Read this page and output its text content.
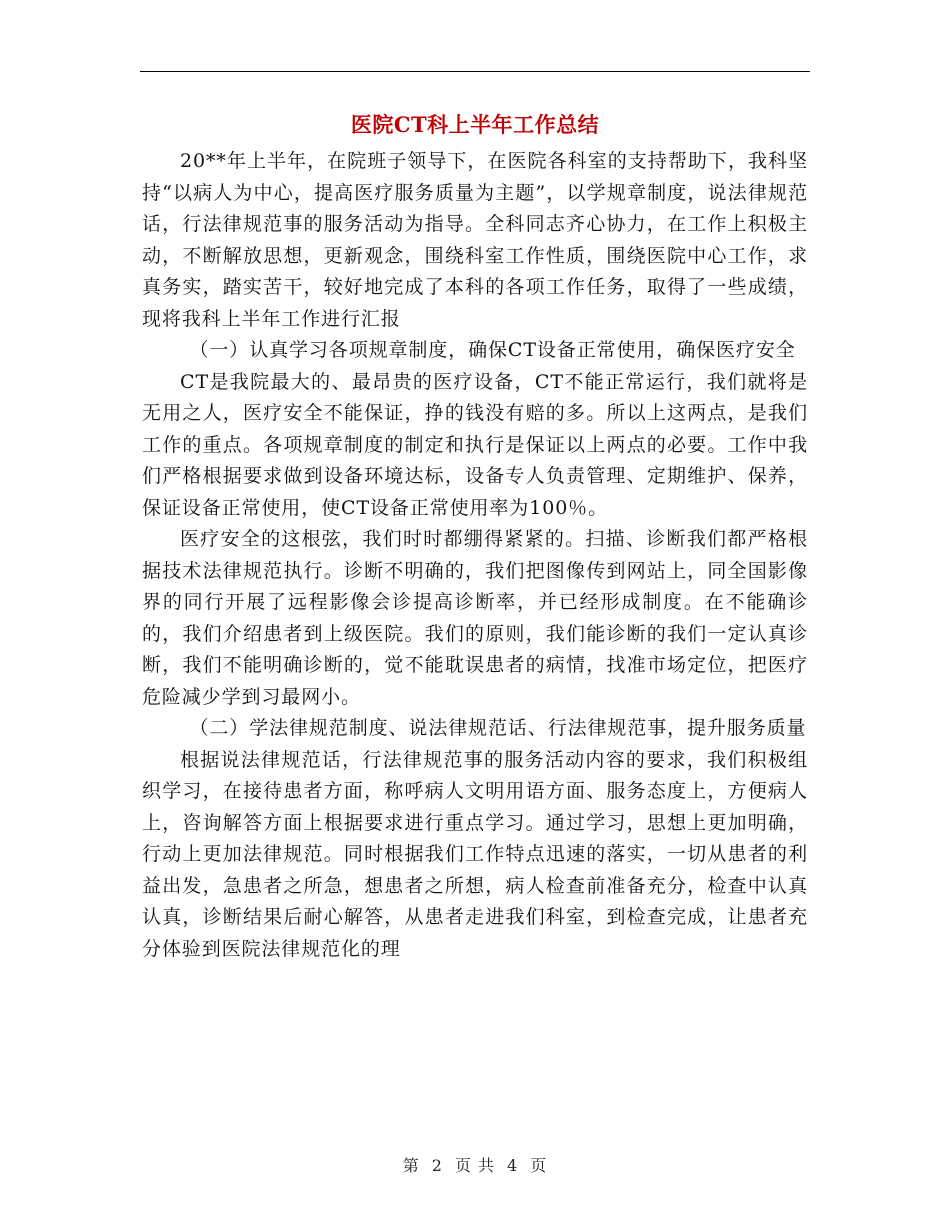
医院CT科上半年工作总结

20**年上半年，在院班子领导下，在医院各科室的支持帮助下，我科坚持“以病人为中心，提高医疗服务质量为主题”，以学规章制度，说法律规范话，行法律规范事的服务活动为指导。全科同志齐心协力，在工作上积极主动，不断解放思想，更新观念，围绕科室工作性质，围绕医院中心工作，求真务实，踏实苦干，较好地完成了本科的各项工作任务，取得了一些成绩，现将我科上半年工作进行汇报

（一）认真学习各项规章制度，确保CT设备正常使用，确保医疗安全

CT是我院最大的、最昂贵的医疗设备，CT不能正常运行，我们就将是无用之人，医疗安全不能保证，挣的钱没有赔的多。所以上这两点，是我们工作的重点。各项规章制度的制定和执行是保证以上两点的必要。工作中我们严格根据要求做到设备环境达标，设备专人负责管理、定期维护、保养，保证设备正常使用，使CT设备正常使用率为100％。

医疗安全的这根弦，我们时时都绷得紧紧的。扫描、诊断我们都严格根据技术法律规范执行。诊断不明确的，我们把图像传到网站上，同全国影像界的同行开展了远程影像会诊提高诊断率，并已经形成制度。在不能确诊的，我们介绍患者到上级医院。我们的原则，我们能诊断的我们一定认真诊断，我们不能明确诊断的，觉不能耽误患者的病情，找准市场定位，把医疗危险减少学到习最网小。

（二）学法律规范制度、说法律规范话、行法律规范事，提升服务质量

根据说法律规范话，行法律规范事的服务活动内容的要求，我们积极组织学习，在接待患者方面，称呼病人文明用语方面、服务态度上，方便病人上，咨询解答方面上根据要求进行重点学习。通过学习，思想上更加明确，行动上更加法律规范。同时根据我们工作特点迅速的落实，一切从患者的利益出发，急患者之所急，想患者之所想，病人检查前准备充分，检查中认真认真，诊断结果后耐心解答，从患者走进我们科室，到检查完成，让患者充分体验到医院法律规范化的理

第 2 页 共 4 页
